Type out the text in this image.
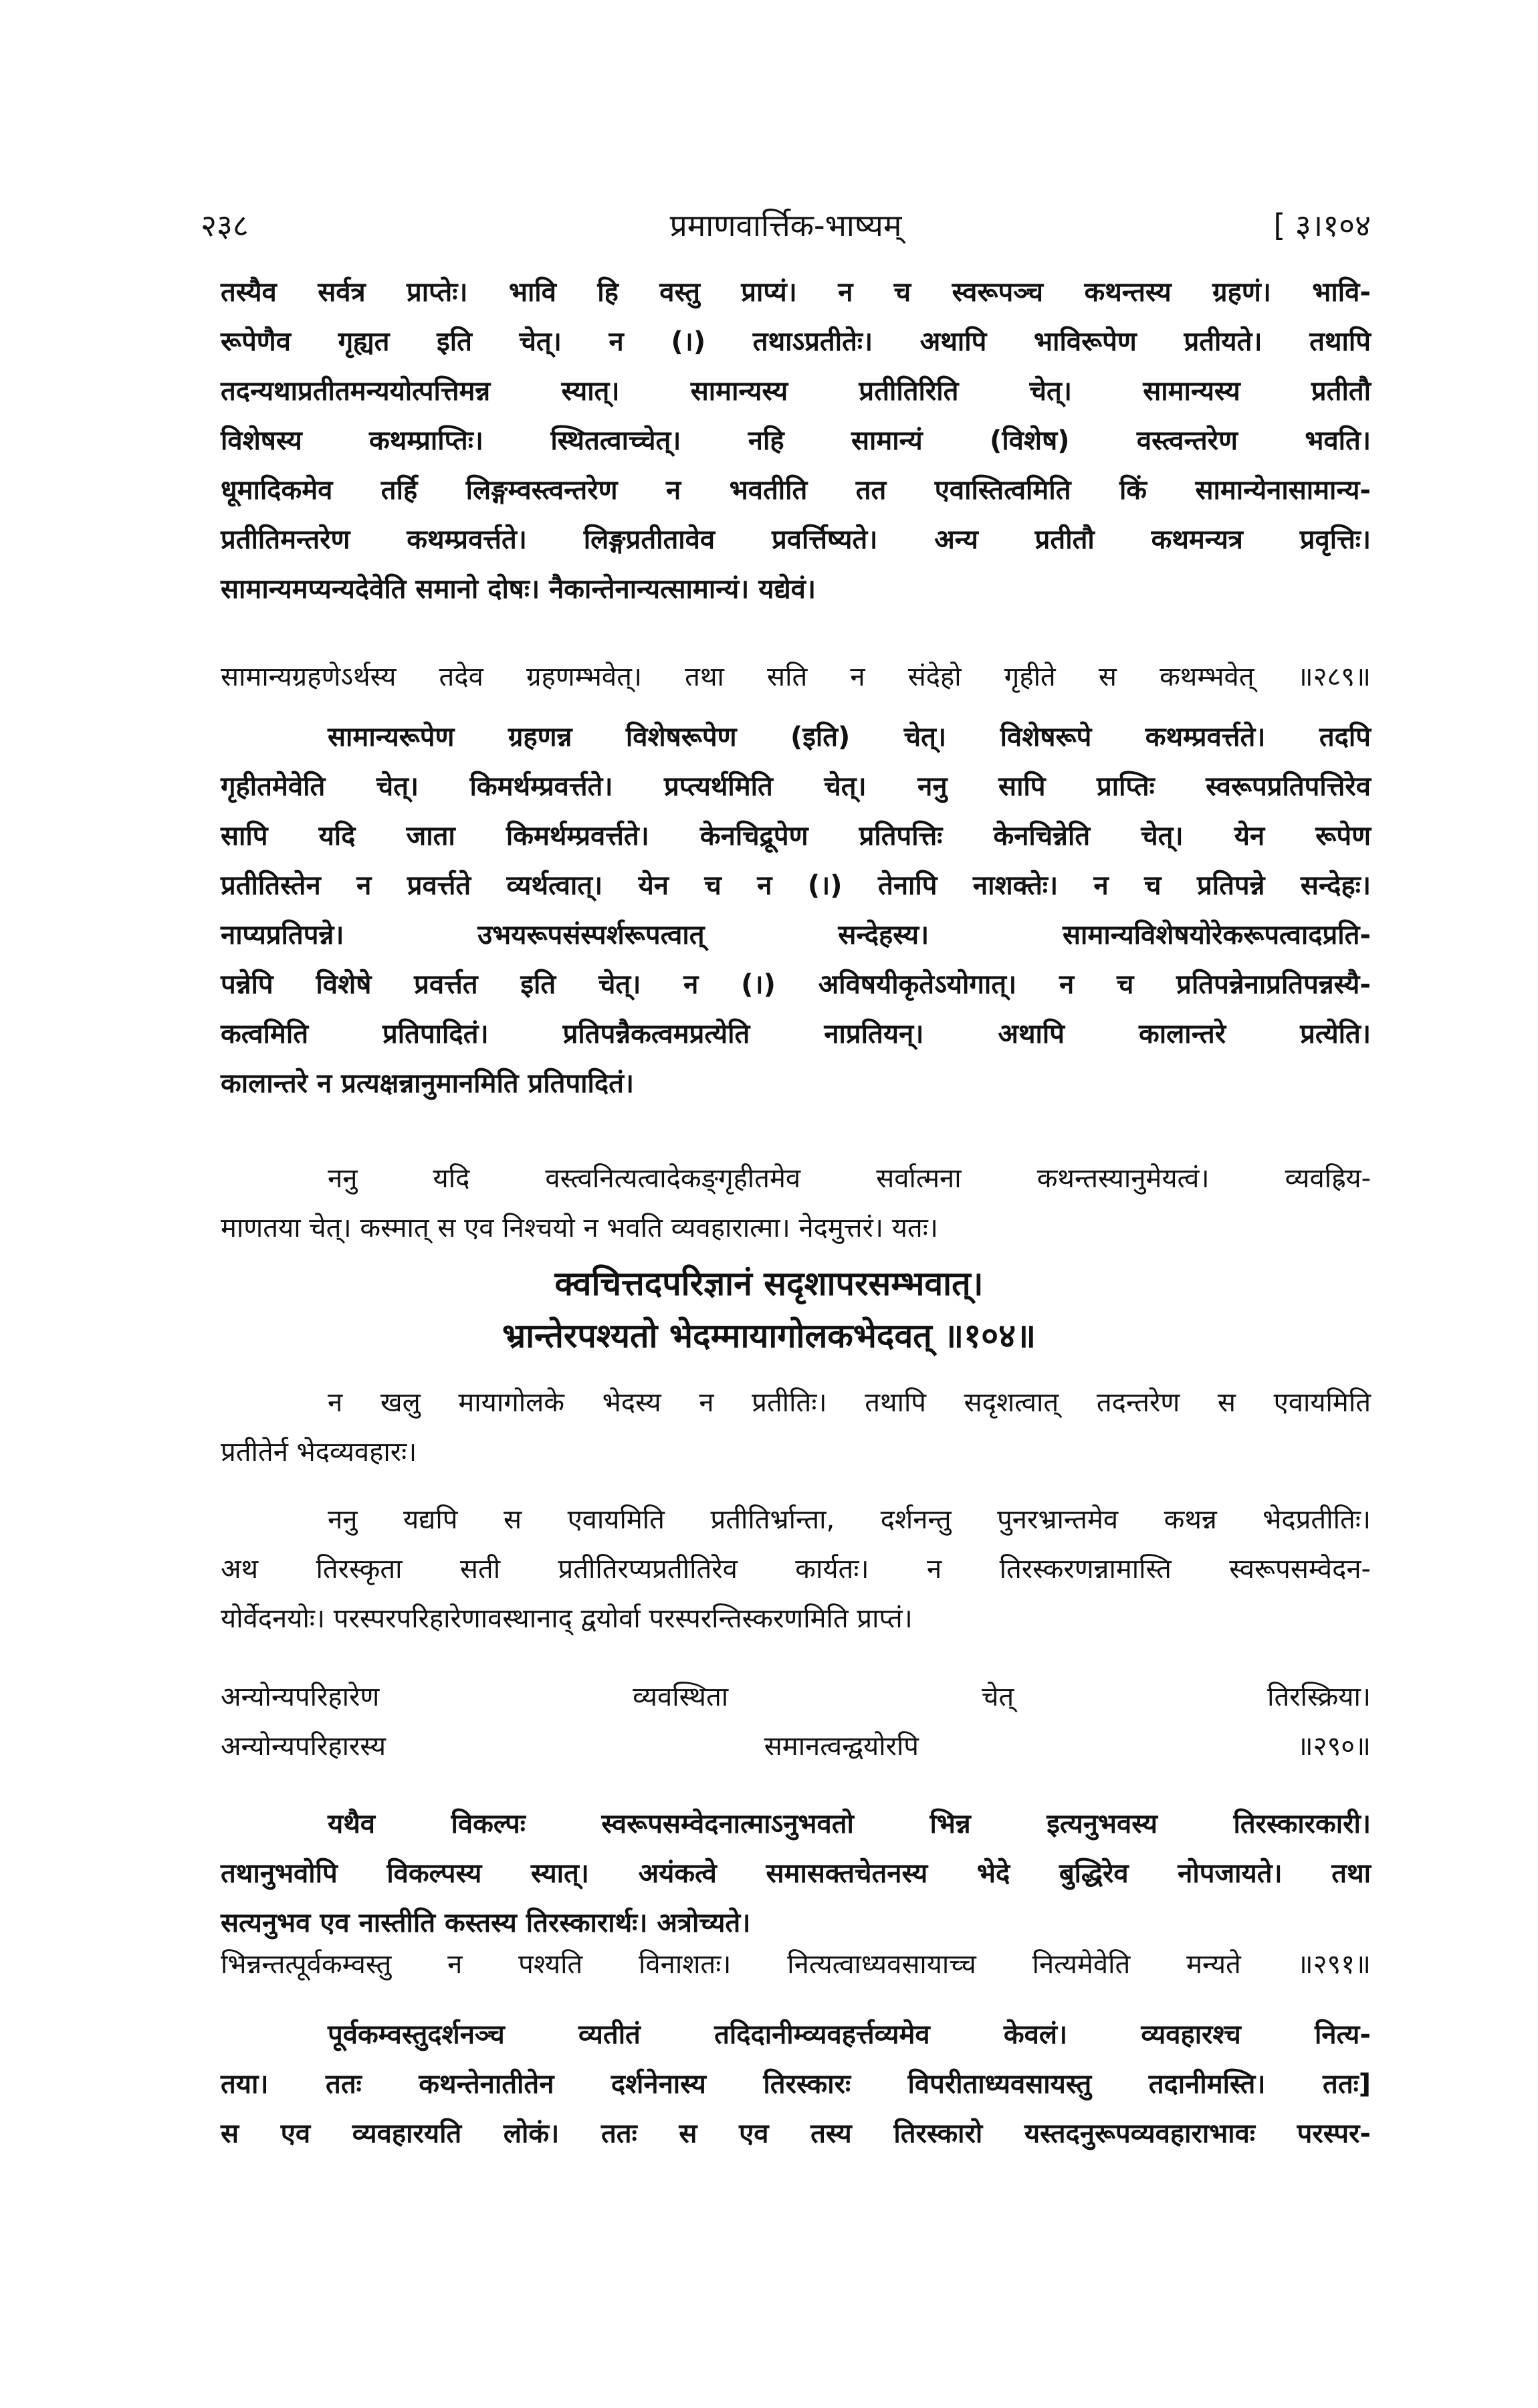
२३८	प्रमाणवार्त्तिक-भाष्यम्	[ ३।१०४

तस्यैव सर्वत्र प्राप्तेः। भावि हि वस्तु प्राप्यं। न च स्वरूपञ्च कथन्तस्य ग्रहणं। भावि-

रूपेणैव गृह्यत इति चेत्। न (।) तथाऽप्रतीतेः। अथापि भाविरूपेण प्रतीयते। तथापि

तदन्यथाप्रतीतमन्ययोत्पत्तिमन्न स्यात्। सामान्यस्य प्रतीतिरिति चेत्। सामान्यस्य प्रतीतौ

विशेषस्य कथम्प्राप्तिः। स्थितत्वाच्चेत्। नहि सामान्यं (विशेष) वस्त्वन्तरेण भवति।

धूमादिकमेव तर्हि लिङ्गम्वस्त्वन्तरेण न भवतीति तत एवास्तित्वमिति किं सामान्येनासामान्य-

प्रतीतिमन्तरेण कथम्प्रवर्त्तते। लिङ्गप्रतीतावेव प्रवर्त्तिष्यते। अन्य प्रतीतौ कथमन्यत्र प्रवृत्तिः।

सामान्यमप्यन्यदेवेति समानो दोषः। नैकान्तेनान्यत्सामान्यं। यद्येवं।

सामान्यग्रहणेऽर्थस्य तदेव ग्रहणम्भवेत्। तथा सति न संदेहो गृहीते स कथम्भवेत् ॥२८९॥

सामान्यरूपेण ग्रहणन्न विशेषरूपेण (इति) चेत्। विशेषरूपे कथम्प्रवर्त्तते। तदपि

गृहीतमेवेति चेत्। किमर्थम्प्रवर्त्तते। प्रप्त्यर्थमिति चेत्। ननु सापि प्राप्तिः स्वरूपप्रतिपत्तिरेव

सापि यदि जाता किमर्थम्प्रवर्त्तते। केनचिद्रूपेण प्रतिपत्तिः केनचिन्नेति चेत्। येन रूपेण

प्रतीतिस्तेन न प्रवर्त्तते व्यर्थत्वात्। येन च न (।) तेनापि नाशक्तेः। न च प्रतिपन्ने सन्देहः।

नाप्यप्रतिपन्ने। उभयरूपसंस्पर्शरूपत्वात् सन्देहस्य। सामान्यविशेषयोरेकरूपत्वादप्रति-

पन्नेपि विशेषे प्रवर्त्तत इति चेत्। न (।) अविषयीकृतेऽयोगात्। न च प्रतिपन्नेनाप्रतिपन्नस्यै-

कत्वमिति प्रतिपादितं। प्रतिपन्नैकत्वमप्रत्येति नाप्रतियन्। अथापि कालान्तरे प्रत्येति।

कालान्तरे न प्रत्यक्षन्नानुमानमिति प्रतिपादितं।

ननु यदि वस्त्वनित्यत्वादेकङ्गृहीतमेव सर्वात्मना कथन्तस्यानुमेयत्वं। व्यवह्रिय-

माणतया चेत्। कस्मात् स एव निश्चयो न भवति व्यवहारात्मा। नेदमुत्तरं। यतः।

क्वचित्तदपरिज्ञानं सदृशापरसम्भवात्।
भ्रान्तेरपश्यतो भेदम्मायागोलकभेदवत् ॥१०४॥

न खलु मायागोलके भेदस्य न प्रतीतिः। तथापि सदृशत्वात् तदन्तरेण स एवायमिति

प्रतीतेर्न भेदव्यवहारः।

ननु यद्यपि स एवायमिति प्रतीतिर्भ्रान्ता, दर्शनन्तु पुनरभ्रान्तमेव कथन्न भेदप्रतीतिः।

अथ तिरस्कृता सती प्रतीतिरप्यप्रतीतिरेव कार्यतः। न तिरस्करणन्नामास्ति स्वरूपसम्वेदन-

योर्वेदनयोः। परस्परपरिहारेणावस्थानाद् द्वयोर्वा परस्परन्तिस्करणमिति प्राप्तं।

अन्योन्यपरिहारेण व्यवस्थिता चेत् तिरस्क्रिया।

अन्योन्यपरिहारस्य समानत्वन्द्वयोरपि ॥२९०॥

यथैव विकल्पः स्वरूपसम्वेदनात्माऽनुभवतो भिन्न इत्यनुभवस्य तिरस्कारकारी।

तथानुभवोपि विकल्पस्य स्यात्। अयंकत्वे समासक्तचेतनस्य भेदे बुद्धिरेव नोपजायते। तथा

सत्यनुभव एव नास्तीति कस्तस्य तिरस्कारार्थः। अत्रोच्यते।

भिन्नन्तत्पूर्वकम्वस्तु न पश्यति विनाशतः। नित्यत्वाध्यवसायाच्च नित्यमेवेति मन्यते ॥२९१॥

पूर्वकम्वस्तुदर्शनञ्च व्यतीतं तदिदानीम्व्यवहर्त्तव्यमेव केवलं। व्यवहारश्च नित्य-

तया। ततः कथन्तेनातीतेन दर्शनेनास्य तिरस्कारः विपरीताध्यवसायस्तु तदानीमस्ति। ततः]

स एव व्यवहारयति लोकं। ततः स एव तस्य तिरस्कारो यस्तदनुरूपव्यवहाराभावः परस्पर-
